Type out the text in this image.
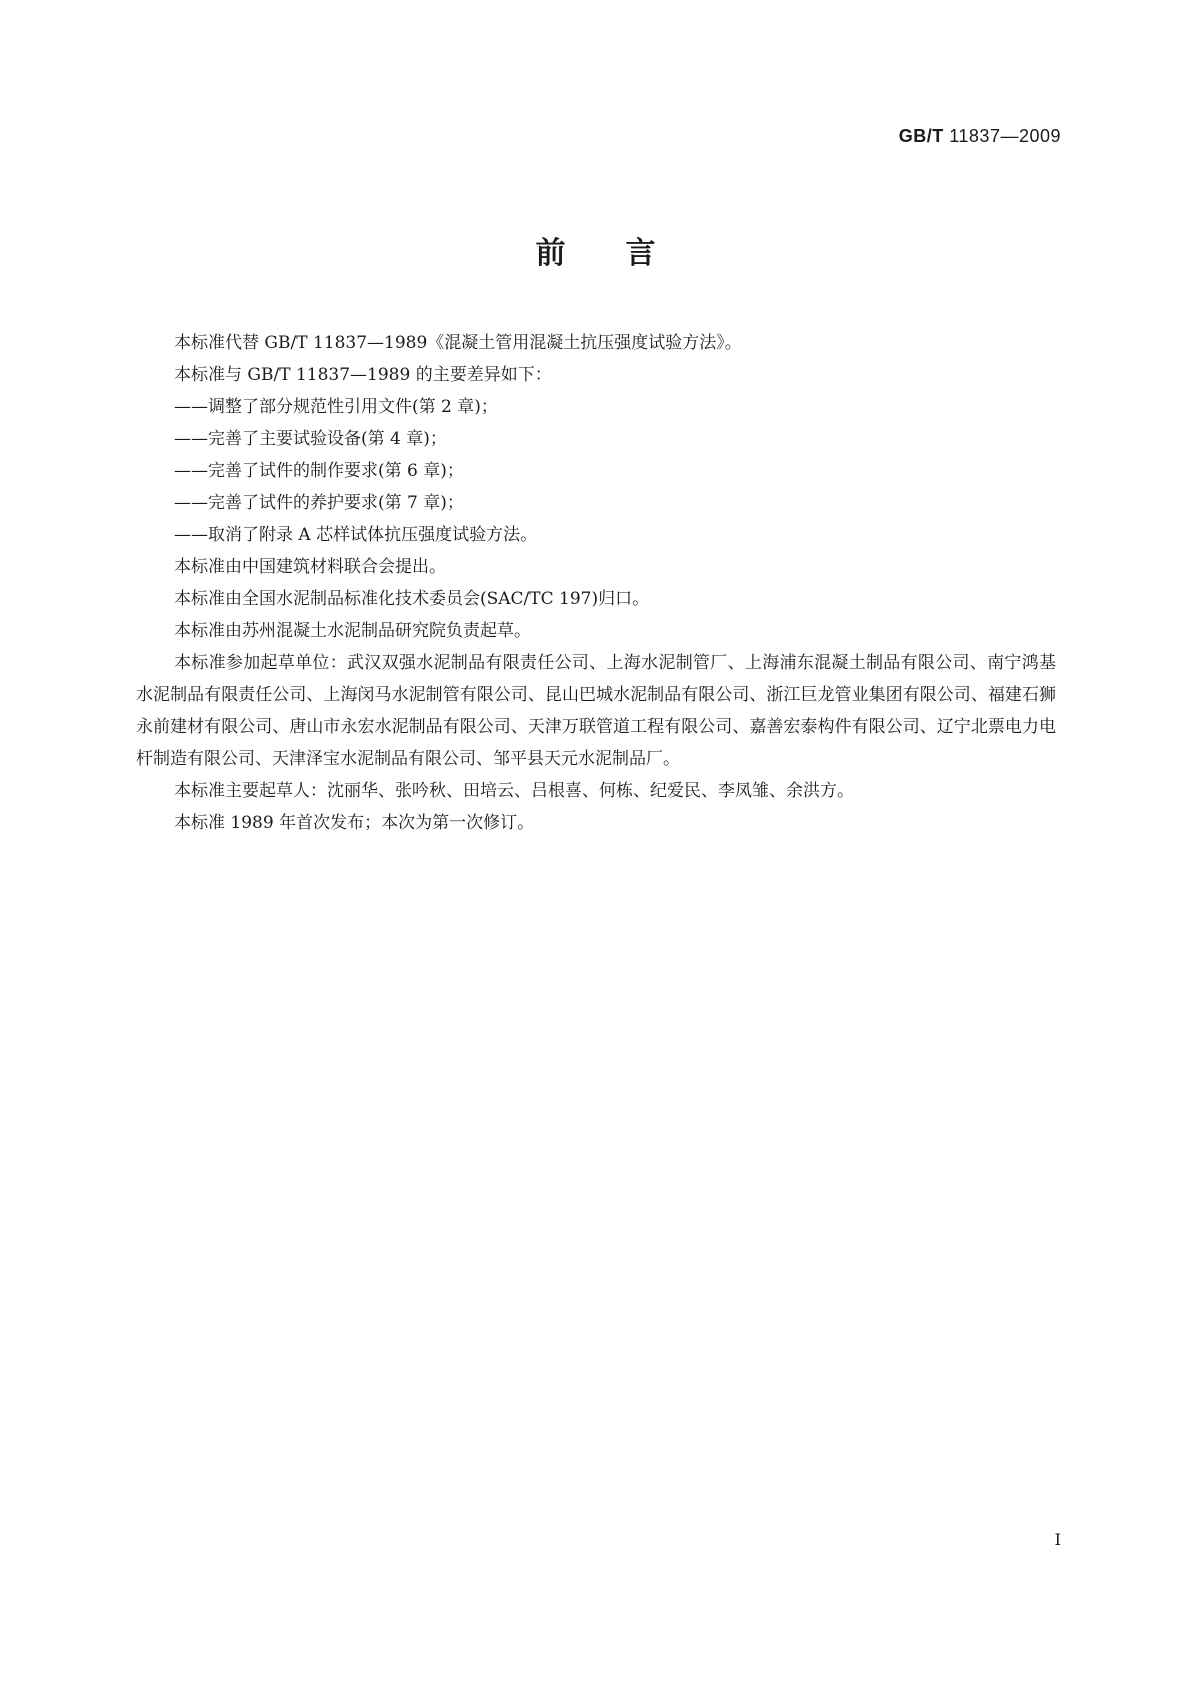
GB/T 11837—2009
前言

本标准代替 GB/T 11837—1989《混凝土管用混凝土抗压强度试验方法》。

本标准与 GB/T 11837—1989 的主要差异如下：

——调整了部分规范性引用文件(第 2 章)；

——完善了主要试验设备(第 4 章)；

——完善了试件的制作要求(第 6 章)；

——完善了试件的养护要求(第 7 章)；

——取消了附录 A 芯样试体抗压强度试验方法。

本标准由中国建筑材料联合会提出。

本标准由全国水泥制品标准化技术委员会(SAC/TC 197)归口。

本标准由苏州混凝土水泥制品研究院负责起草。

本标准参加起草单位：武汉双强水泥制品有限责任公司、上海水泥制管厂、上海浦东混凝土制品有限公司、南宁鸿基水泥制品有限责任公司、上海闵马水泥制管有限公司、昆山巴城水泥制品有限公司、浙江巨龙管业集团有限公司、福建石狮永前建材有限公司、唐山市永宏水泥制品有限公司、天津万联管道工程有限公司、嘉善宏泰构件有限公司、辽宁北票电力电杆制造有限公司、天津泽宝水泥制品有限公司、邹平县天元水泥制品厂。

本标准主要起草人：沈丽华、张吟秋、田培云、吕根喜、何栋、纪爱民、李凤雏、余洪方。

本标准 1989 年首次发布；本次为第一次修订。

I
